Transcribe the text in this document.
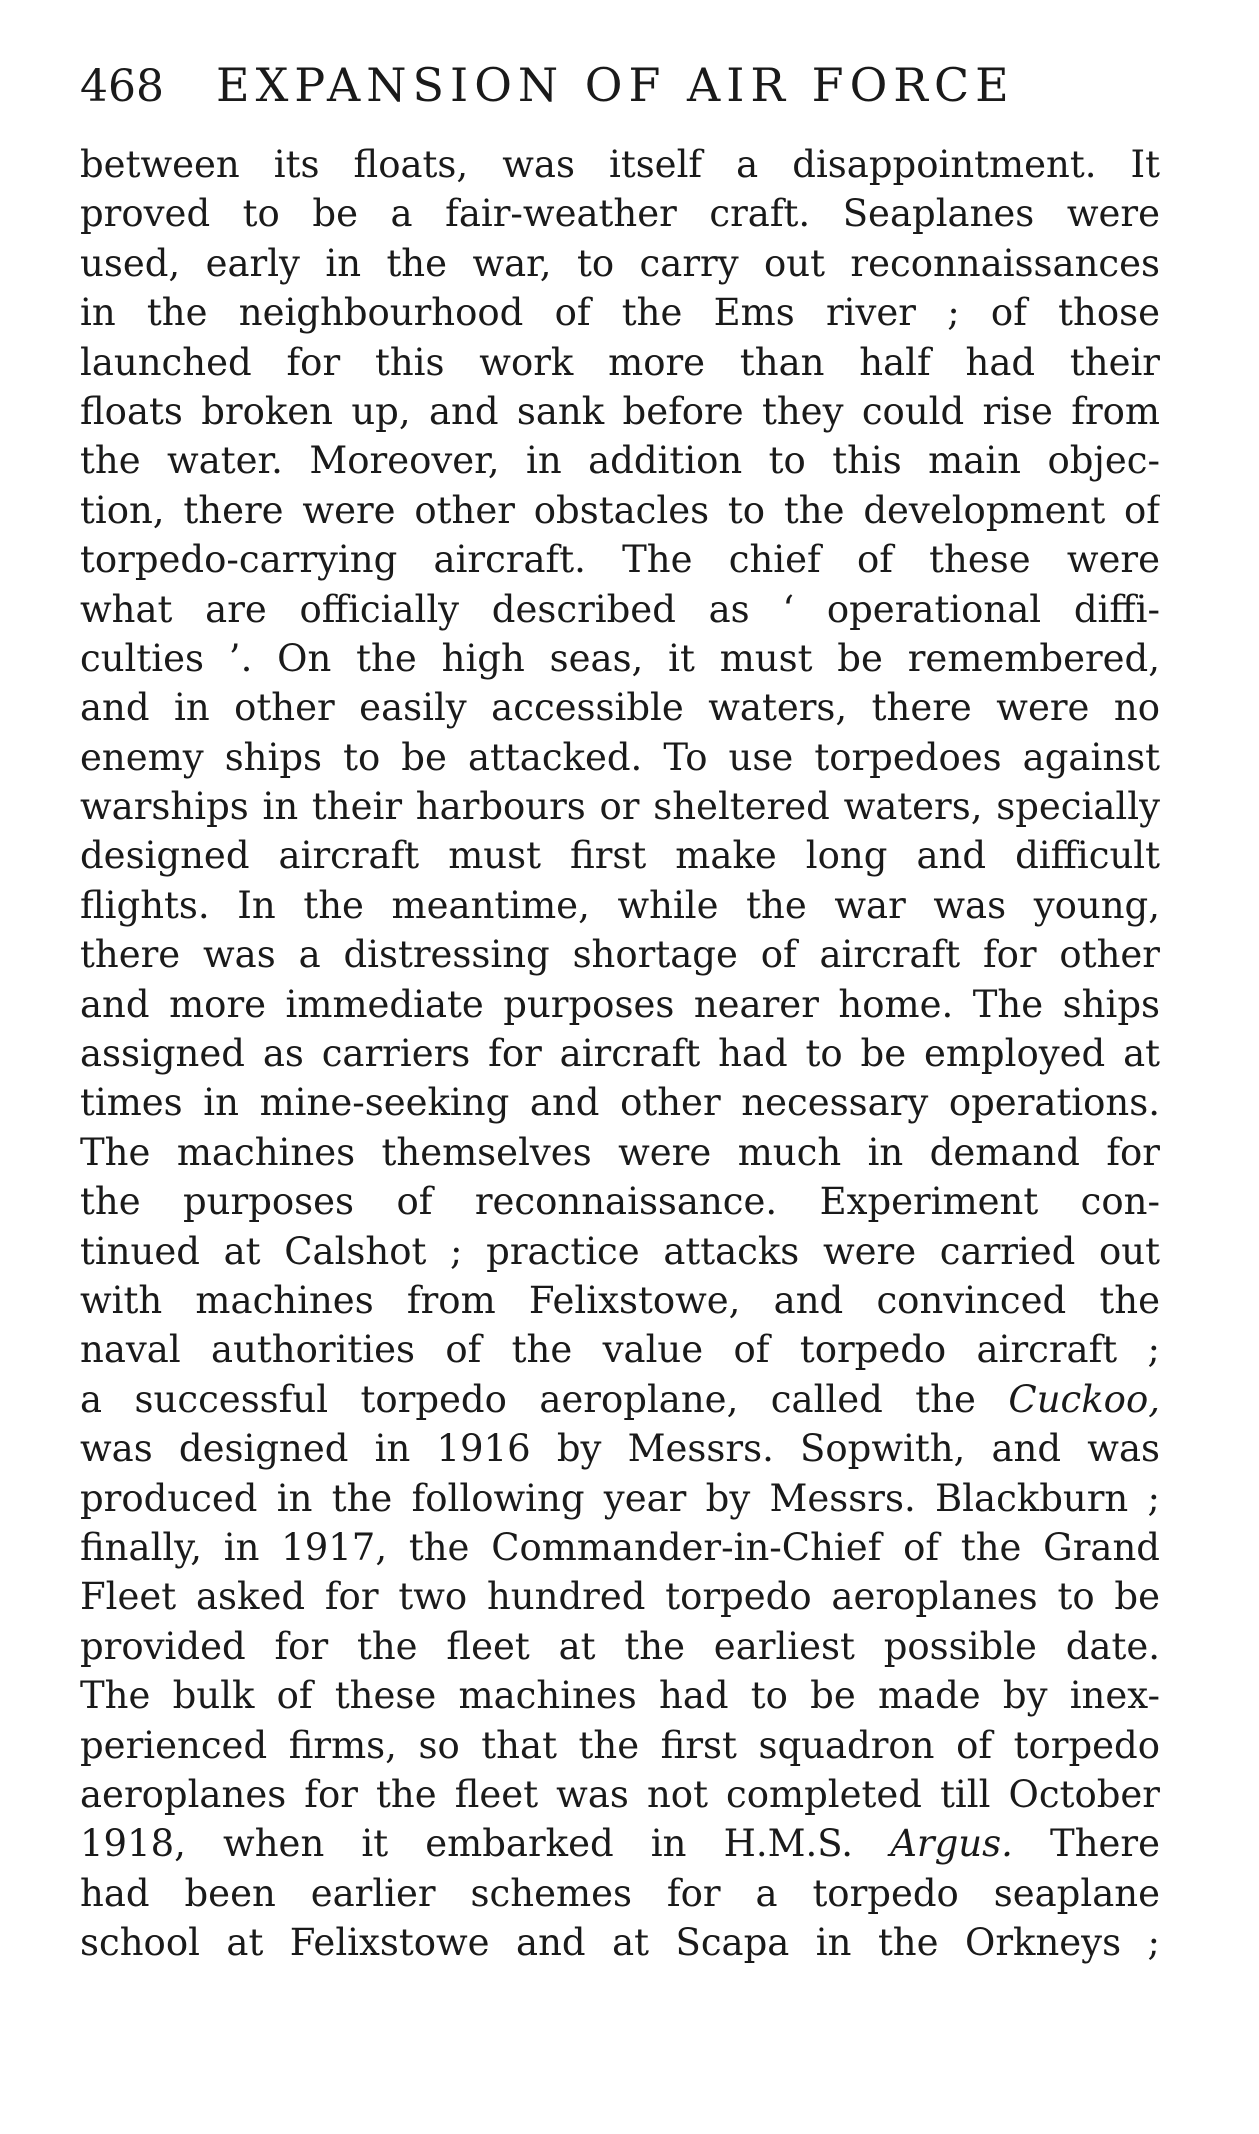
468 EXPANSION OF AIR FORCE
between its floats, was itself a disappointment. It
proved to be a fair-weather craft. Seaplanes were
used, early in the war, to carry out reconnaissances
in the neighbourhood of the Ems river ; of those
launched for this work more than half had their
floats broken up, and sank before they could rise from
the water. Moreover, in addition to this main objec-
tion, there were other obstacles to the development of
torpedo-carrying aircraft. The chief of these were
what are officially described as ‘ operational diffi-
culties ’. On the high seas, it must be remembered,
and in other easily accessible waters, there were no
enemy ships to be attacked. To use torpedoes against
warships in their harbours or sheltered waters, specially
designed aircraft must first make long and difficult
flights. In the meantime, while the war was young,
there was a distressing shortage of aircraft for other
and more immediate purposes nearer home. The ships
assigned as carriers for aircraft had to be employed at
times in mine-seeking and other necessary operations.
The machines themselves were much in demand for
the purposes of reconnaissance. Experiment con-
tinued at Calshot ; practice attacks were carried out
with machines from Felixstowe, and convinced the
naval authorities of the value of torpedo aircraft ;
a successful torpedo aeroplane, called the Cuckoo,
was designed in 1916 by Messrs. Sopwith, and was
produced in the following year by Messrs. Blackburn ;
finally, in 1917, the Commander-in-Chief of the Grand
Fleet asked for two hundred torpedo aeroplanes to be
provided for the fleet at the earliest possible date.
The bulk of these machines had to be made by inex-
perienced firms, so that the first squadron of torpedo
aeroplanes for the fleet was not completed till October
1918, when it embarked in H.M.S. Argus. There
had been earlier schemes for a torpedo seaplane
school at Felixstowe and at Scapa in the Orkneys ;
